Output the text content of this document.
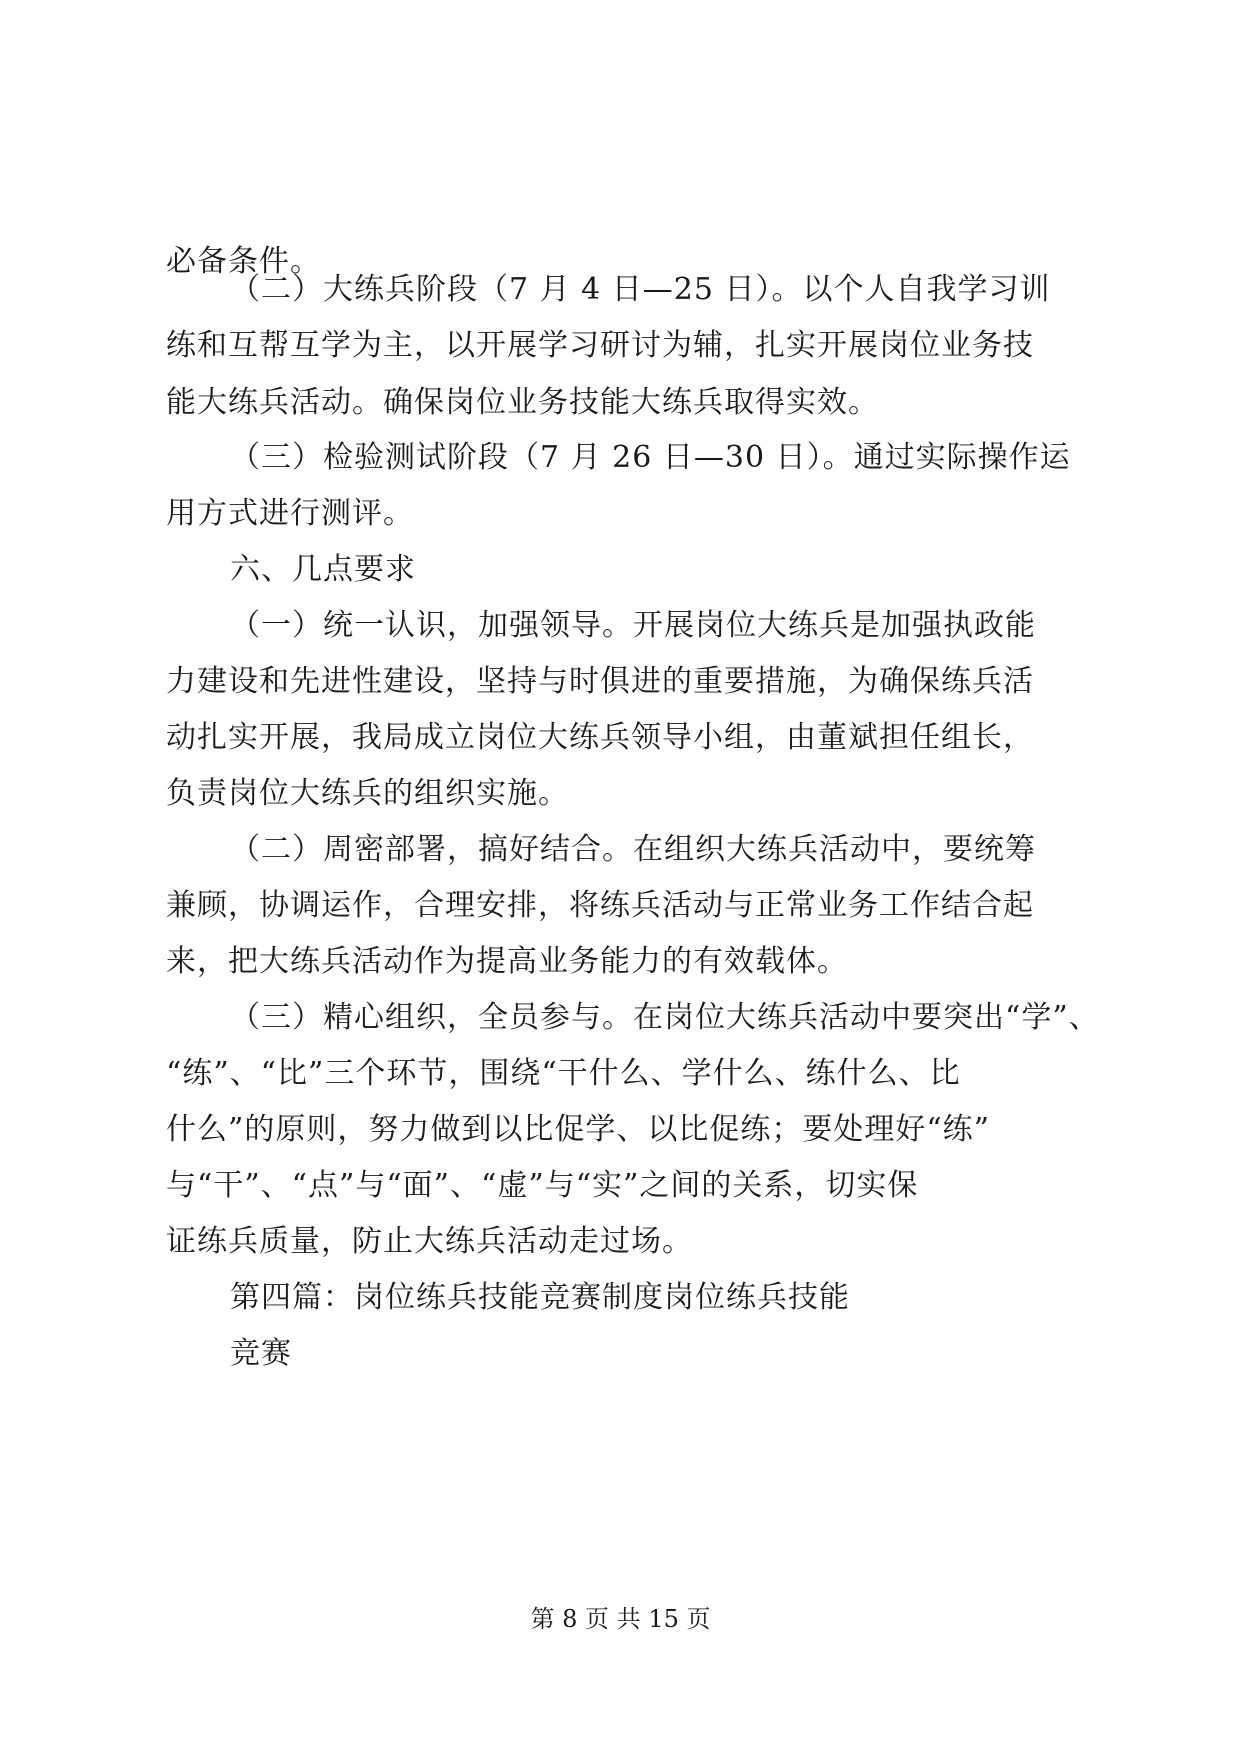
必备条件。
（二）大练兵阶段（7 月 4 日—25 日）。以个人自我学习训
练和互帮互学为主，以开展学习研讨为辅，扎实开展岗位业务技
能大练兵活动。确保岗位业务技能大练兵取得实效。
（三）检验测试阶段（7 月 26 日—30 日）。通过实际操作运
用方式进行测评。
六、几点要求
（一）统一认识，加强领导。开展岗位大练兵是加强执政能
力建设和先进性建设，坚持与时俱进的重要措施，为确保练兵活
动扎实开展，我局成立岗位大练兵领导小组，由董斌担任组长，
负责岗位大练兵的组织实施。
（二）周密部署，搞好结合。在组织大练兵活动中，要统筹
兼顾，协调运作，合理安排，将练兵活动与正常业务工作结合起
来，把大练兵活动作为提高业务能力的有效载体。
（三）精心组织，全员参与。在岗位大练兵活动中要突出“学”、
“练”、“比”三个环节，围绕“干什么、学什么、练什么、比
什么”的原则，努力做到以比促学、以比促练；要处理好“练”
与“干”、“点”与“面”、“虚”与“实”之间的关系，切实保
证练兵质量，防止大练兵活动走过场。
第四篇：岗位练兵技能竞赛制度岗位练兵技能
竞赛
第 8 页 共 15 页
